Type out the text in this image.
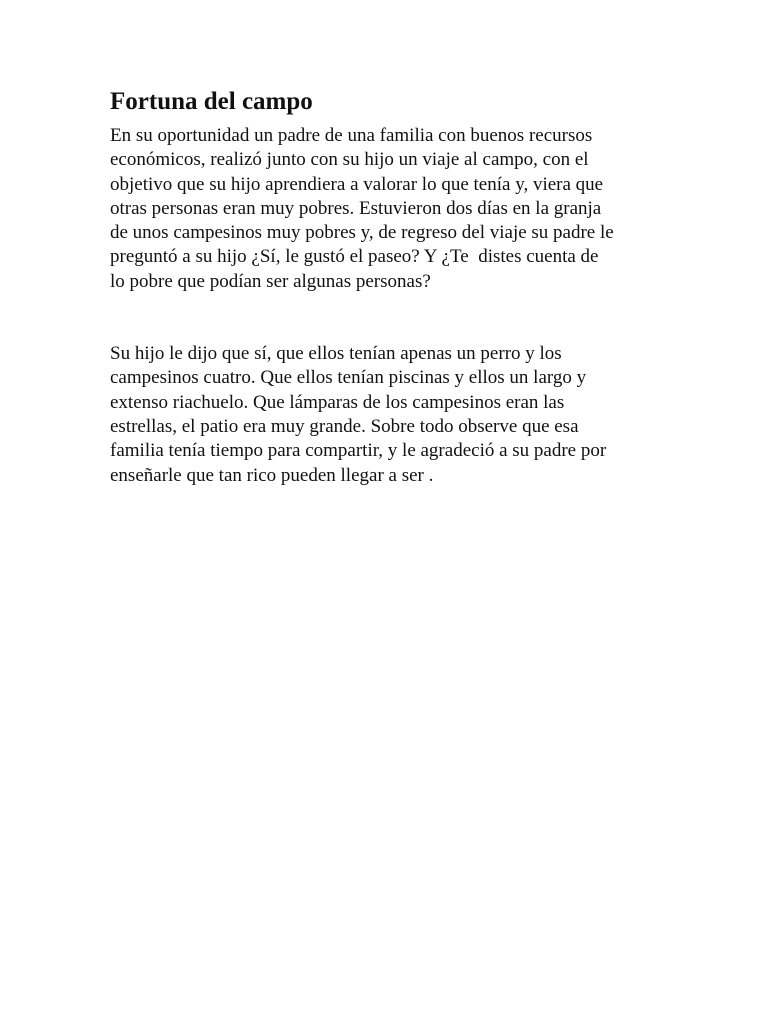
Fortuna del campo

En su oportunidad un padre de una familia con buenos recursos

económicos, realizó junto con su hijo un viaje al campo, con el

objetivo que su hijo aprendiera a valorar lo que tenía y, viera que

otras personas eran muy pobres. Estuvieron dos días en la granja

de unos campesinos muy pobres y, de regreso del viaje su padre le

preguntó a su hijo ¿Sí, le gustó el paseo? Y ¿Te  distes cuenta de

lo pobre que podían ser algunas personas?

Su hijo le dijo que sí, que ellos tenían apenas un perro y los

campesinos cuatro. Que ellos tenían piscinas y ellos un largo y

extenso riachuelo. Que lámparas de los campesinos eran las

estrellas, el patio era muy grande. Sobre todo observe que esa

familia tenía tiempo para compartir, y le agradeció a su padre por

enseñarle que tan rico pueden llegar a ser .
